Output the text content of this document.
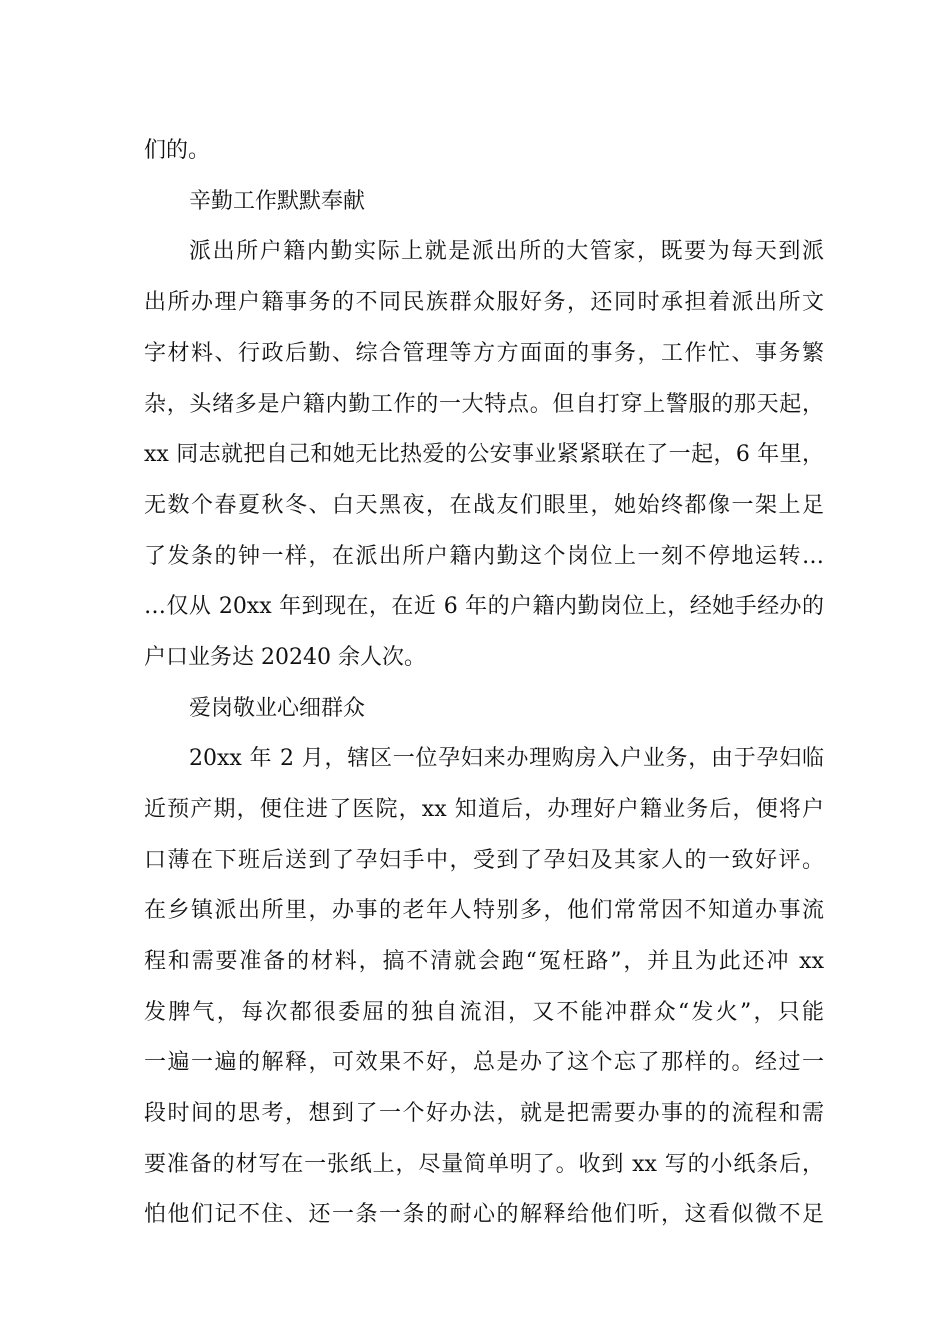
们的。
辛勤工作默默奉献
派出所户籍内勤实际上就是派出所的大管家，既要为每天到派
出所办理户籍事务的不同民族群众服好务，还同时承担着派出所文
字材料、行政后勤、综合管理等方方面面的事务，工作忙、事务繁
杂，头绪多是户籍内勤工作的一大特点。但自打穿上警服的那天起，
xx 同志就把自己和她无比热爱的公安事业紧紧联在了一起，6 年里，
无数个春夏秋冬、白天黑夜，在战友们眼里，她始终都像一架上足
了发条的钟一样，在派出所户籍内勤这个岗位上一刻不停地运转…
…仅从 20xx 年到现在，在近 6 年的户籍内勤岗位上，经她手经办的
户口业务达 20240 余人次。
爱岗敬业心细群众
20xx 年 2 月，辖区一位孕妇来办理购房入户业务，由于孕妇临
近预产期，便住进了医院，xx 知道后，办理好户籍业务后，便将户
口薄在下班后送到了孕妇手中，受到了孕妇及其家人的一致好评。
在乡镇派出所里，办事的老年人特别多，他们常常因不知道办事流
程和需要准备的材料，搞不清就会跑“冤枉路”，并且为此还冲 xx
发脾气，每次都很委屈的独自流泪，又不能冲群众“发火”，只能
一遍一遍的解释，可效果不好，总是办了这个忘了那样的。经过一
段时间的思考，想到了一个好办法，就是把需要办事的的流程和需
要准备的材写在一张纸上，尽量简单明了。收到 xx 写的小纸条后，
怕他们记不住、还一条一条的耐心的解释给他们听，这看似微不足
